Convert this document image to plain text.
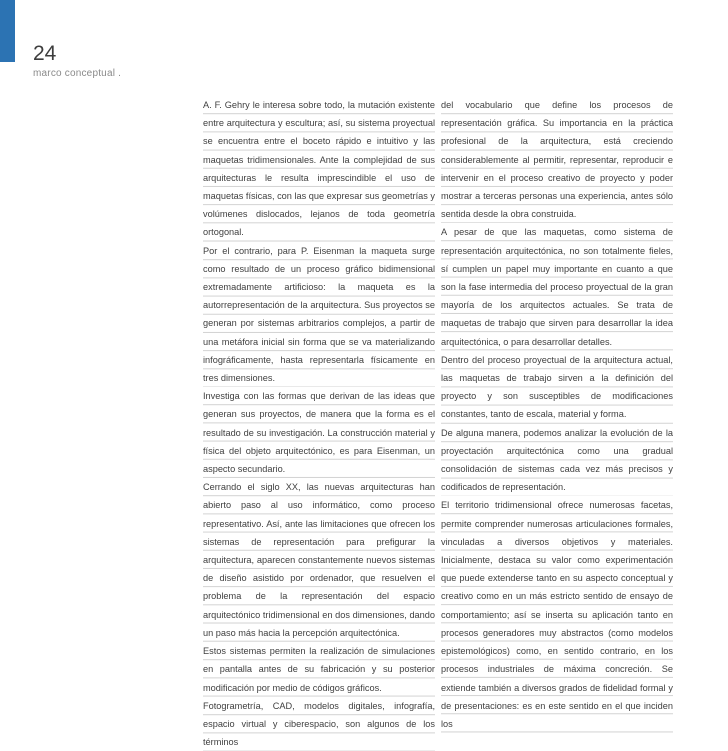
24
marco conceptual .

A. F. Gehry le interesa sobre todo, la mutación existente entre arquitectura y escultura; así, su sistema proyectual se encuentra entre el boceto rápido e intuitivo y las maquetas tridimensionales. Ante la complejidad de sus arquitecturas le resulta imprescindible el uso de maquetas físicas, con las que expresar sus geometrías y volúmenes dislocados, lejanos de toda geometría ortogonal.

Por el contrario, para P. Eisenman la maqueta surge como resultado de un proceso gráfico bidimensional extremadamente artificioso: la maqueta es la autorrepresentación de la arquitectura. Sus proyectos se generan por sistemas arbitrarios complejos, a partir de una metáfora inicial sin forma que se va materializando infográficamente, hasta representarla físicamente en tres dimensiones.

Investiga con las formas que derivan de las ideas que generan sus proyectos, de manera que la forma es el resultado de su investigación. La construcción material y física del objeto arquitectónico, es para Eisenman, un aspecto secundario.

Cerrando el siglo XX, las nuevas arquitecturas han abierto paso al uso informático, como proceso representativo. Así, ante las limitaciones que ofrecen los sistemas de representación para prefigurar la arquitectura, aparecen constantemente nuevos sistemas de diseño asistido por ordenador, que resuelven el problema de la representación del espacio arquitectónico tridimensional en dos dimensiones, dando un paso más hacia la percepción arquitectónica.

Estos sistemas permiten la realización de simulaciones en pantalla antes de su fabricación y su posterior modificación por medio de códigos gráficos.

Fotogrametría, CAD, modelos digitales, infografía, espacio virtual y ciberespacio, son algunos de los términos

del vocabulario que define los procesos de representación gráfica. Su importancia en la práctica profesional de la arquitectura, está creciendo considerablemente al permitir, representar, reproducir e intervenir en el proceso creativo de proyecto y poder mostrar a terceras personas una experiencia, antes sólo sentida desde la obra construida.

A pesar de que las maquetas, como sistema de representación arquitectónica, no son totalmente fieles, sí cumplen un papel muy importante en cuanto a que son la fase intermedia del proceso proyectual de la gran mayoría de los arquitectos actuales. Se trata de maquetas de trabajo que sirven para desarrollar la idea arquitectónica, o para desarrollar detalles.

Dentro del proceso proyectual de la arquitectura actual, las maquetas de trabajo sirven a la definición del proyecto y son susceptibles de modificaciones constantes, tanto de escala, material y forma.

De alguna manera, podemos analizar la evolución de la proyectación arquitectónica como una gradual consolidación de sistemas cada vez más precisos y codificados de representación.

El territorio tridimensional ofrece numerosas facetas, permite comprender numerosas articulaciones formales, vinculadas a diversos objetivos y materiales. Inicialmente, destaca su valor como experimentación que puede extenderse tanto en su aspecto conceptual y creativo como en un más estricto sentido de ensayo de comportamiento; así se inserta su aplicación tanto en procesos generadores muy abstractos (como modelos epistemológicos) como, en sentido contrario, en los procesos industriales de máxima concreción. Se extiende también a diversos grados de fidelidad formal y de presentaciones: es en este sentido en el que inciden los
